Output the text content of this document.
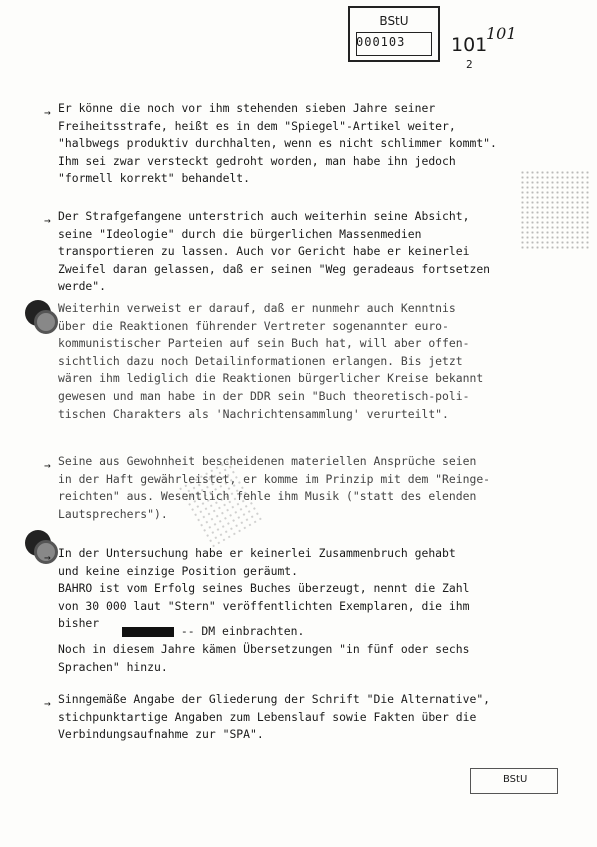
BStU
000103 101
101
2
→ Er könne die noch vor ihm stehenden sieben Jahre seiner
Freiheitsstrafe, heißt es in dem "Spiegel"-Artikel weiter,
"halbwegs produktiv durchhalten, wenn es nicht schlimmer kommt".
Ihm sei zwar versteckt gedroht worden, man habe ihn jedoch
"formell korrekt" behandelt.
→ Der Strafgefangene unterstrich auch weiterhin seine Absicht,
seine "Ideologie" durch die bürgerlichen Massenmedien
transportieren zu lassen. Auch vor Gericht habe er keinerlei
Zweifel daran gelassen, daß er seinen "Weg geradeaus fortsetzen
werde".
Weiterhin verweist er darauf, daß er nunmehr auch Kenntnis
über die Reaktionen führender Vertreter sogenannter euro-
kommunistischer Parteien auf sein Buch hat, will aber offen-
sichtlich dazu noch Detailinformationen erlangen. Bis jetzt
wären ihm lediglich die Reaktionen bürgerlicher Kreise bekannt
gewesen und man habe in der DDR sein "Buch theoretisch-poli-
tischen Charakters als 'Nachrichtensammlung' verurteilt".
→ Seine aus Gewohnheit bescheidenen materiellen Ansprüche seien
in der Haft gewährleistet, er komme im Prinzip mit dem "Reinge-
reichten" aus. Wesentlich fehle ihm Musik ("statt des elenden
Lautsprechers").
→ In der Untersuchung habe er keinerlei Zusammenbruch gehabt
und keine einzige Position geräumt.
BAHRO ist vom Erfolg seines Buches überzeugt, nennt die Zahl
von 30 000 laut "Stern" veröffentlichten Exemplaren, die ihm
bisher
-- DM einbrachten.
Noch in diesem Jahre kämen Übersetzungen "in fünf oder sechs
Sprachen" hinzu.
→ Sinngemäße Angabe der Gliederung der Schrift "Die Alternative",
stichpunktartige Angaben zum Lebenslauf sowie Fakten über die
Verbindungsaufnahme zur "SPA".
BStU
